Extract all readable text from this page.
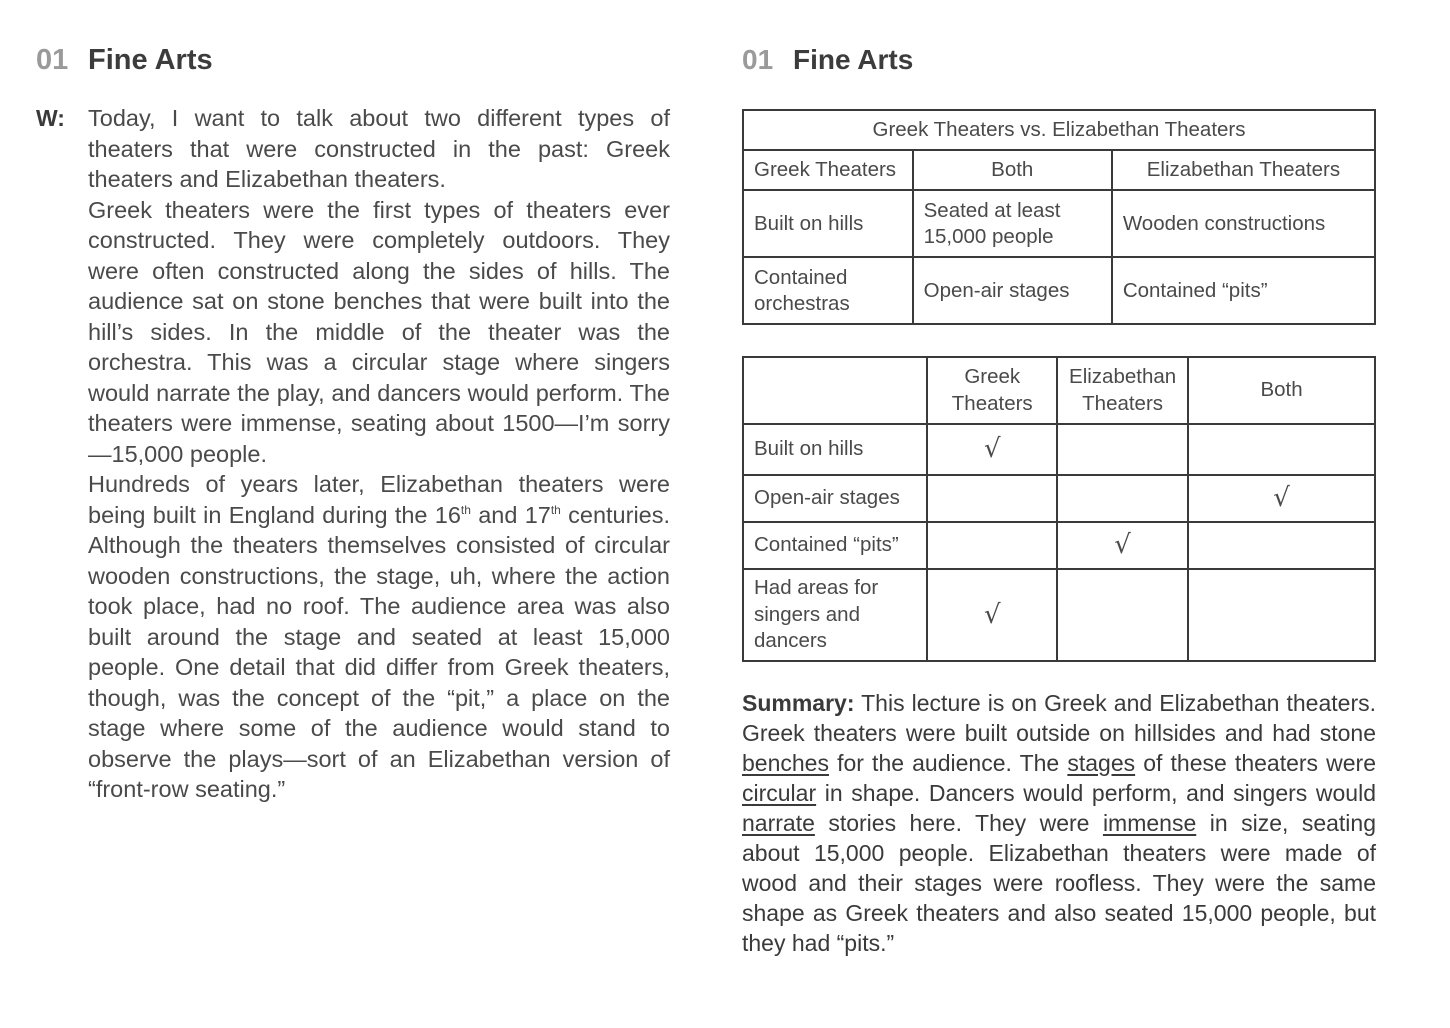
01 Fine Arts
W: Today, I want to talk about two different types of theaters that were constructed in the past: Greek theaters and Elizabethan theaters.

Greek theaters were the first types of theaters ever constructed. They were completely outdoors. They were often constructed along the sides of hills. The audience sat on stone benches that were built into the hill’s sides. In the middle of the theater was the orchestra. This was a circular stage where singers would narrate the play, and dancers would perform. The theaters were immense, seating about 1500—I’m sorry—15,000 people.

Hundreds of years later, Elizabethan theaters were being built in England during the 16th and 17th centuries. Although the theaters themselves consisted of circular wooden constructions, the stage, uh, where the action took place, had no roof. The audience area was also built around the stage and seated at least 15,000 people. One detail that did differ from Greek theaters, though, was the concept of the “pit,” a place on the stage where some of the audience would stand to observe the plays—sort of an Elizabethan version of “front-row seating.”

01 Fine Arts
Greek Theaters vs. Elizabethan Theaters		
Greek Theaters	Both	Elizabethan Theaters
Built on hills	Seated at least 15,000 people	Wooden constructions
Contained orchestras	Open-air stages	Contained “pits”
	Greek Theaters	Elizabethan Theaters	Both
Built on hills	√		
Open-air stages			√
Contained “pits”		√	
Had areas for singers and dancers	√		
Summary: This lecture is on Greek and Elizabethan theaters. Greek theaters were built outside on hillsides and had stone benches for the audience. The stages of these theaters were circular in shape. Dancers would perform, and singers would narrate stories here. They were immense in size, seating about 15,000 people. Elizabethan theaters were made of wood and their stages were roofless. They were the same shape as Greek theaters and also seated 15,000 people, but they had “pits.”
